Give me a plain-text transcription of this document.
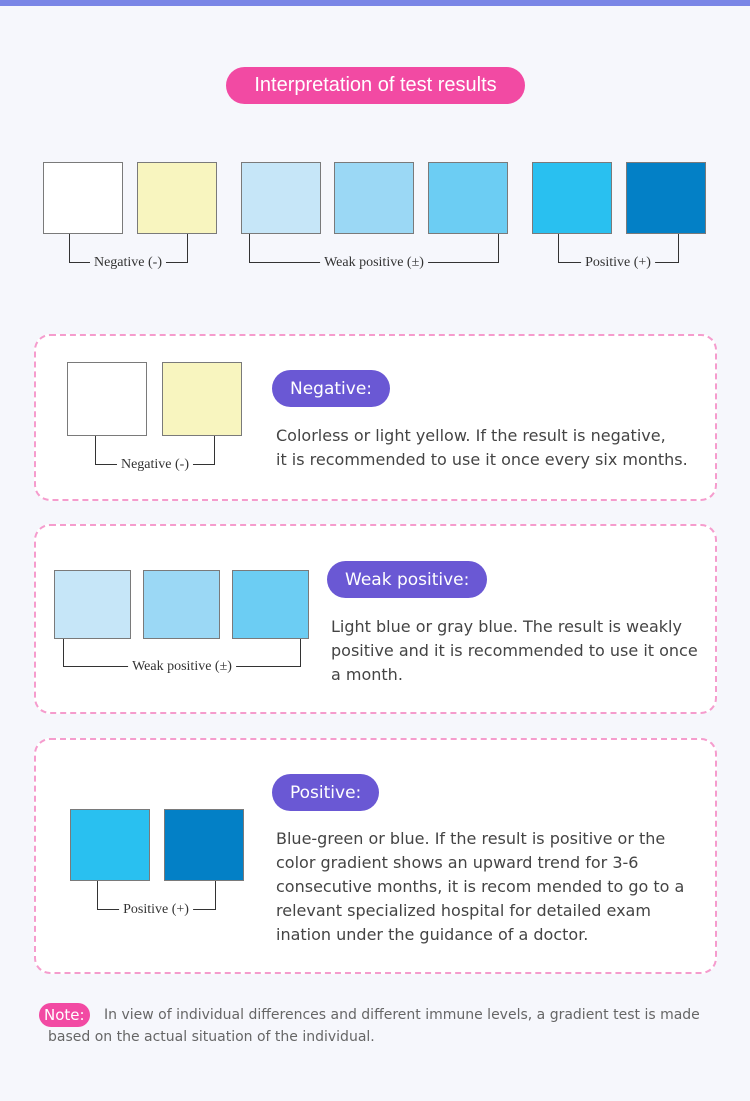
Interpretation of test results
Negative (-)	Weak positive (±)	Positive (+)
Negative (-)
Negative:
Colorless or light yellow. If the result is negative,
it is recommended to use it once every six months.
Weak positive (±)
Weak positive:
Light blue or gray blue. The result is weakly
positive and it is recommended to use it once
a month.
Positive (+)
Positive:
Blue-green or blue. If the result is positive or the
color gradient shows an upward trend for 3-6
consecutive months, it is recom mended to go to a
relevant specialized hospital for detailed exam
ination under the guidance of a doctor.
In view of individual differences and different immune levels, a gradient test is made based on the actual situation of the individual.
Note:
